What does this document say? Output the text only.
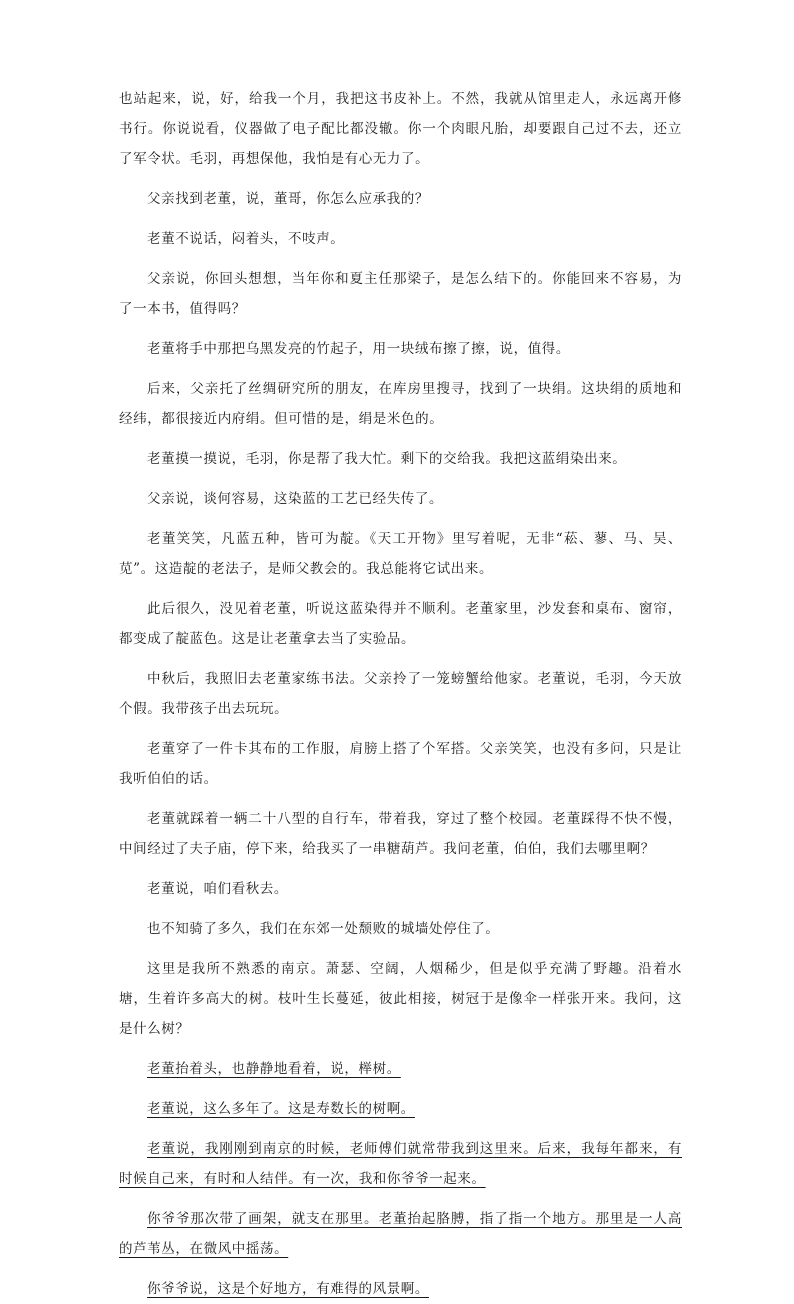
也站起来，说，好，给我一个月，我把这书皮补上。不然，我就从馆里走人，永远离开修书行。你说说看，仪器做了电子配比都没辙。你一个肉眼凡胎，却要跟自己过不去，还立了军令状。毛羽，再想保他，我怕是有心无力了。

父亲找到老董，说，董哥，你怎么应承我的？

老董不说话，闷着头，不吱声。

父亲说，你回头想想，当年你和夏主任那梁子，是怎么结下的。你能回来不容易，为了一本书，值得吗？

老董将手中那把乌黑发亮的竹起子，用一块绒布擦了擦，说，值得。

后来，父亲托了丝绸研究所的朋友，在库房里搜寻，找到了一块绢。这块绢的质地和经纬，都很接近内府绢。但可惜的是，绢是米色的。

老董摸一摸说，毛羽，你是帮了我大忙。剩下的交给我。我把这蓝绢染出来。

父亲说，谈何容易，这染蓝的工艺已经失传了。

老董笑笑，凡蓝五种，皆可为靛。《天工开物》里写着呢，无非“菘、蓼、马、吴、苋”。这造靛的老法子，是师父教会的。我总能将它试出来。

此后很久，没见着老董，听说这蓝染得并不顺利。老董家里，沙发套和桌布、窗帘，都变成了靛蓝色。这是让老董拿去当了实验品。

中秋后，我照旧去老董家练书法。父亲拎了一笼螃蟹给他家。老董说，毛羽，今天放个假。我带孩子出去玩玩。

老董穿了一件卡其布的工作服，肩膀上搭了个军搭。父亲笑笑，也没有多问，只是让我听伯伯的话。

老董就踩着一辆二十八型的自行车，带着我，穿过了整个校园。老董踩得不快不慢，中间经过了夫子庙，停下来，给我买了一串糖葫芦。我问老董，伯伯，我们去哪里啊？

老董说，咱们看秋去。

也不知骑了多久，我们在东郊一处颓败的城墙处停住了。

这里是我所不熟悉的南京。萧瑟、空阔，人烟稀少，但是似乎充满了野趣。沿着水塘，生着许多高大的树。枝叶生长蔓延，彼此相接，树冠于是像伞一样张开来。我问，这是什么树？

老董抬着头，也静静地看着，说，榉树。

老董说，这么多年了。这是寿数长的树啊。

老董说，我刚刚到南京的时候，老师傅们就常带我到这里来。后来，我每年都来，有时候自己来，有时和人结伴。有一次，我和你爷爷一起来。

你爷爷那次带了画架，就支在那里。老董抬起胳膊，指了指一个地方。那里是一人高的芦苇丛，在微风中摇荡。

你爷爷说，这是个好地方，有难得的风景啊。
